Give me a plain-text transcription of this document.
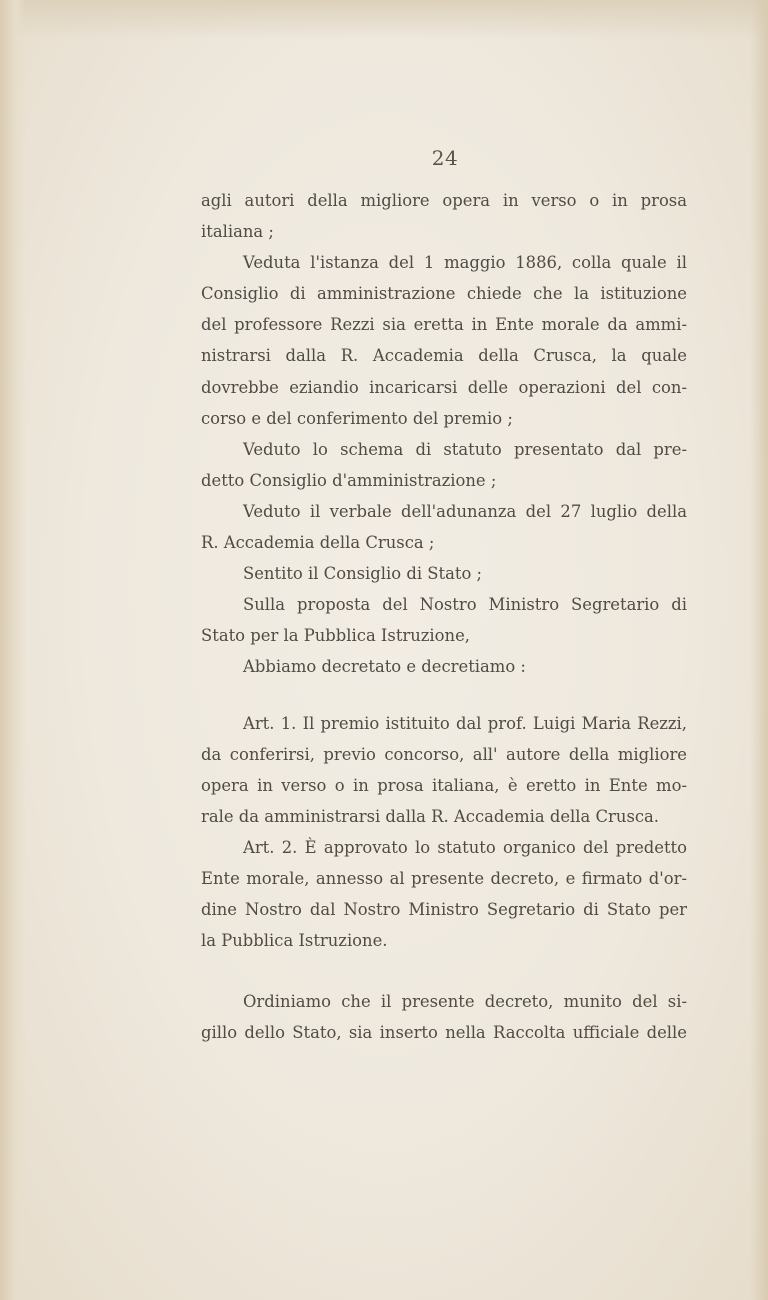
24
agli autori della migliore opera in verso o in prosa
italiana ;
Veduta l'istanza del 1 maggio 1886, colla quale il
Consiglio di amministrazione chiede che la istituzione
del professore Rezzi sia eretta in Ente morale da ammi-
nistrarsi dalla R. Accademia della Crusca, la quale
dovrebbe eziandio incaricarsi delle operazioni del con-
corso e del conferimento del premio ;
Veduto lo schema di statuto presentato dal pre-
detto Consiglio d'amministrazione ;
Veduto il verbale dell'adunanza del 27 luglio della
R. Accademia della Crusca ;
Sentito il Consiglio di Stato ;
Sulla proposta del Nostro Ministro Segretario di
Stato per la Pubblica Istruzione,
Abbiamo decretato e decretiamo :
Art. 1. Il premio istituito dal prof. Luigi Maria Rezzi,
da conferirsi, previo concorso, all' autore della migliore
opera in verso o in prosa italiana, è eretto in Ente mo-
rale da amministrarsi dalla R. Accademia della Crusca.
Art. 2. È approvato lo statuto organico del predetto
Ente morale, annesso al presente decreto, e firmato d'or-
dine Nostro dal Nostro Ministro Segretario di Stato per
la Pubblica Istruzione.
Ordiniamo che il presente decreto, munito del si-
gillo dello Stato, sia inserto nella Raccolta ufficiale delle
